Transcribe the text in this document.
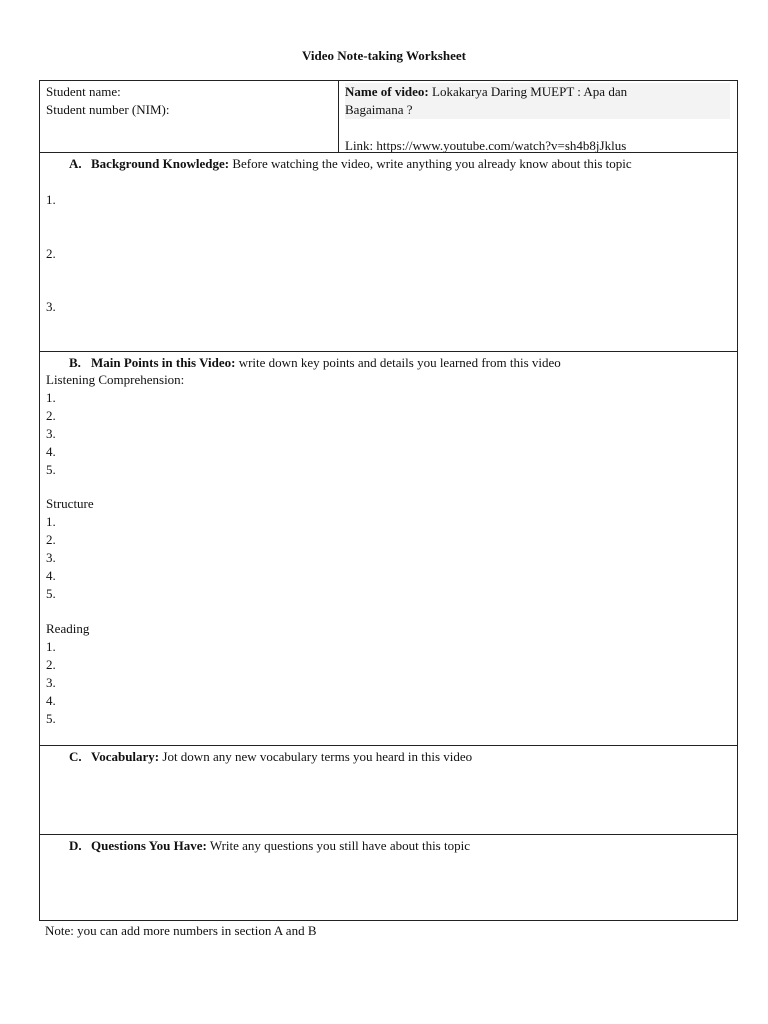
Video Note-taking Worksheet
Student name:
Student number (NIM):
Name of video: Lokakarya Daring MUEPT : Apa dan
Bagaimana ?
Link: https://www.youtube.com/watch?v=sh4b8jJklus
A. Background Knowledge: Before watching the video, write anything you already know about this topic
1.
2.
3.
B. Main Points in this Video: write down key points and details you learned from this video
Listening Comprehension:
1.
2.
3.
4.
5.
Structure
1.
2.
3.
4.
5.
Reading
1.
2.
3.
4.
5.
C. Vocabulary: Jot down any new vocabulary terms you heard in this video
D. Questions You Have: Write any questions you still have about this topic
Note: you can add more numbers in section A and B
